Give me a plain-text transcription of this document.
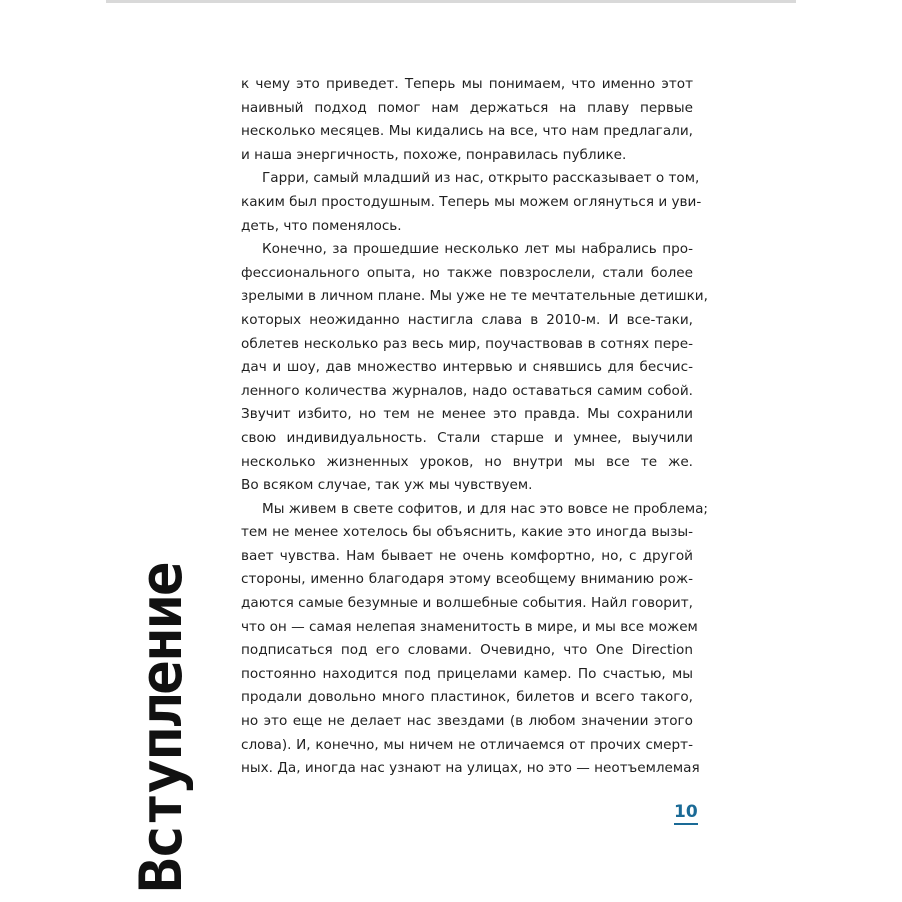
к чему это приведет. Теперь мы понимаем, что именно этот
наивный подход помог нам держаться на плаву первые
несколько месяцев. Мы кидались на все, что нам предлагали,
и наша энергичность, похоже, понравилась публике.
Гарри, самый младший из нас, открыто рассказывает о том,
каким был простодушным. Теперь мы можем оглянуться и уви-
деть, что поменялось.
Конечно, за прошедшие несколько лет мы набрались про-
фессионального опыта, но также повзрослели, стали более
зрелыми в личном плане. Мы уже не те мечтательные детишки,
которых неожиданно настигла слава в 2010-м. И все-таки,
облетев несколько раз весь мир, поучаствовав в сотнях пере-
дач и шоу, дав множество интервью и снявшись для бесчис-
ленного количества журналов, надо оставаться самим собой.
Звучит избито, но тем не менее это правда. Мы сохранили
свою индивидуальность. Стали старше и умнее, выучили
несколько жизненных уроков, но внутри мы все те же.
Во всяком случае, так уж мы чувствуем.
Мы живем в свете софитов, и для нас это вовсе не проблема;
тем не менее хотелось бы объяснить, какие это иногда вызы-
вает чувства. Нам бывает не очень комфортно, но, с другой
стороны, именно благодаря этому всеобщему вниманию рож-
даются самые безумные и волшебные события. Найл говорит,
что он — самая нелепая знаменитость в мире, и мы все можем
подписаться под его словами. Очевидно, что One Direction
постоянно находится под прицелами камер. По счастью, мы
продали довольно много пластинок, билетов и всего такого,
но это еще не делает нас звездами (в любом значении этого
слова). И, конечно, мы ничем не отличаемся от прочих смерт-
ных. Да, иногда нас узнают на улицах, но это — неотъемлемая
10
Вступление
